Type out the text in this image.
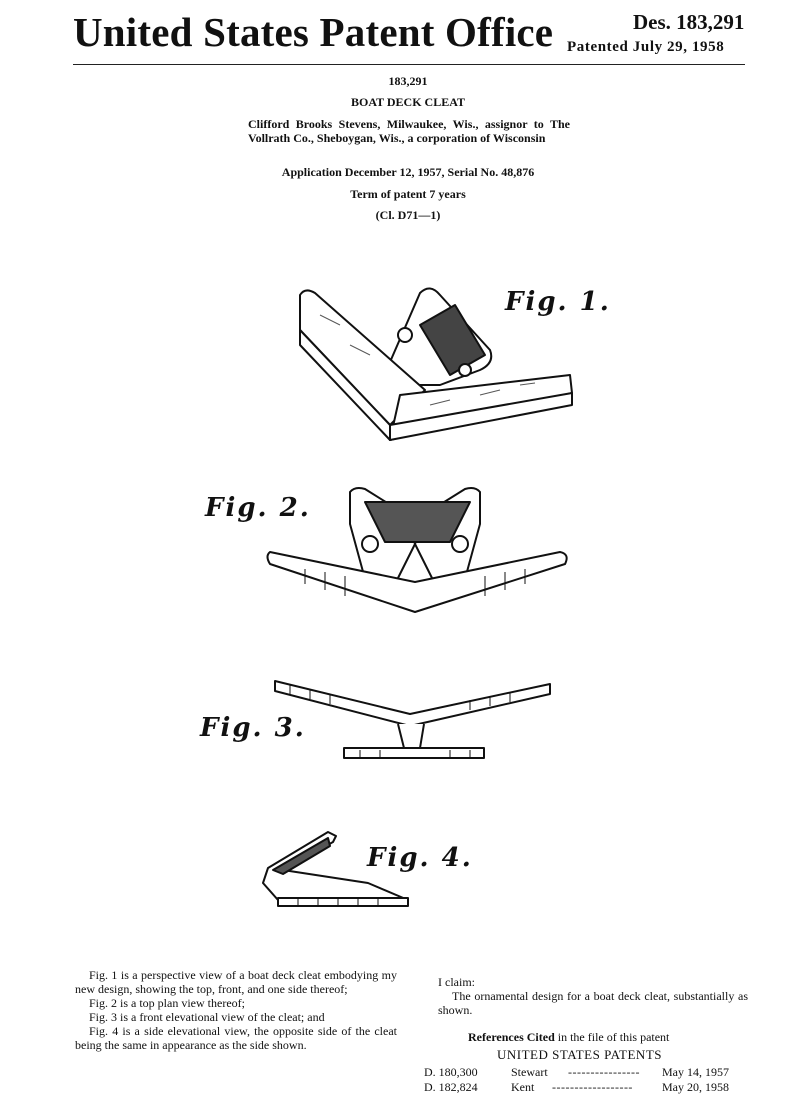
United States Patent Office	Des. 183,291
Patented July 29, 1958
183,291
BOAT DECK CLEAT
Clifford Brooks Stevens, Milwaukee, Wis., assignor to The Vollrath Co., Sheboygan, Wis., a corporation of Wisconsin
Application December 12, 1957, Serial No. 48,876
Term of patent 7 years
(Cl. D71—1)
Fig. 1.
Fig. 2.
Fig. 3.
Fig. 4.

Fig. 1 is a perspective view of a boat deck cleat embodying my new design, showing the top, front, and one side thereof;

Fig. 2 is a top plan view thereof;

Fig. 3 is a front elevational view of the cleat; and

Fig. 4 is a side elevational view, the opposite side of the cleat being the same in appearance as the side shown.

I claim:

The ornamental design for a boat deck cleat, substantially as shown.

References Cited in the file of this patent
UNITED STATES PATENTS
D. 180,300	Stewart ---------------- May 14, 1957
D. 182,824	Kent ------------------ May 20, 1958
